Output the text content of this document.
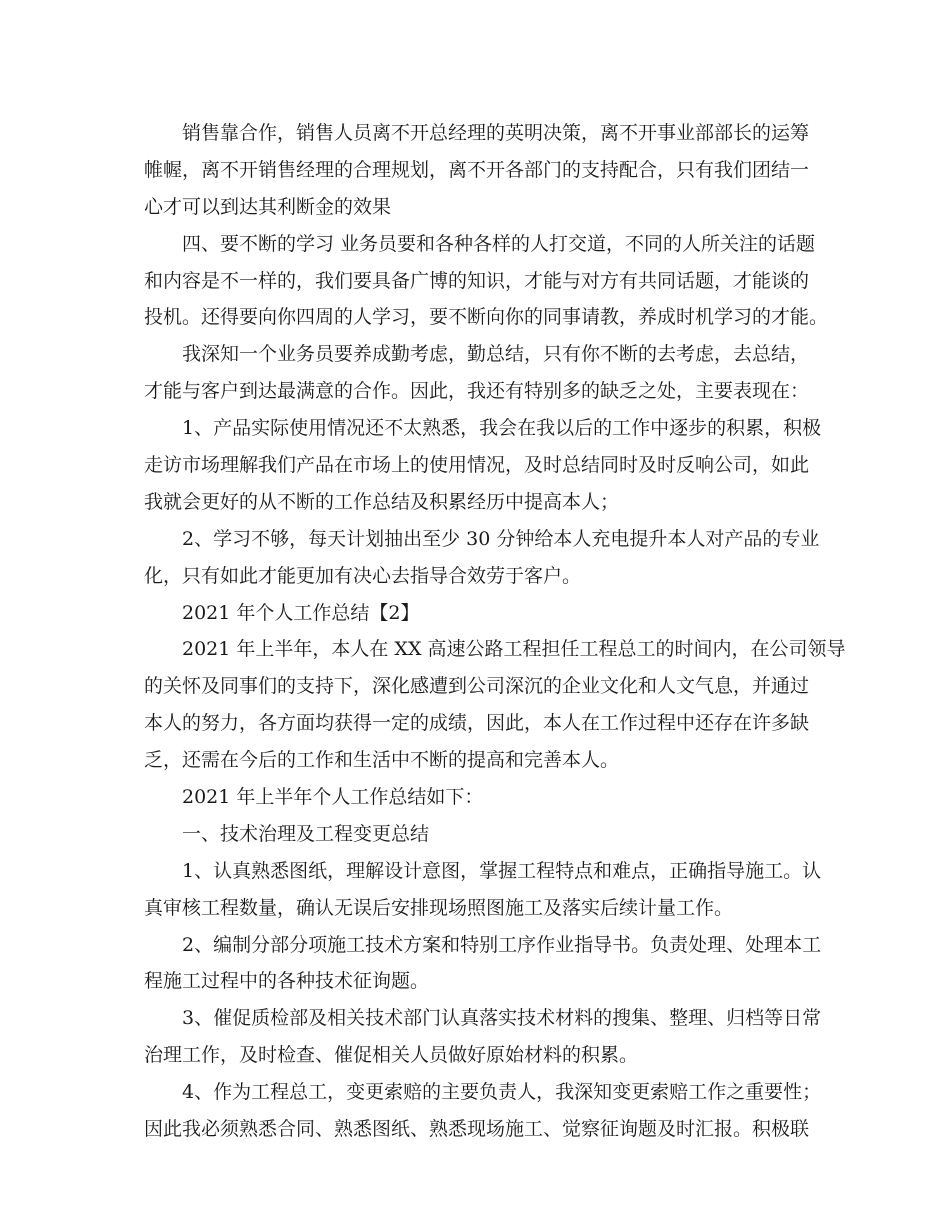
销售靠合作，销售人员离不开总经理的英明决策，离不开事业部部长的运筹
帷幄，离不开销售经理的合理规划，离不开各部门的支持配合，只有我们团结一
心才可以到达其利断金的效果
四、要不断的学习 业务员要和各种各样的人打交道，不同的人所关注的话题
和内容是不一样的，我们要具备广博的知识，才能与对方有共同话题，才能谈的
投机。还得要向你四周的人学习，要不断向你的同事请教，养成时机学习的才能。
我深知一个业务员要养成勤考虑，勤总结，只有你不断的去考虑，去总结，
才能与客户到达最满意的合作。因此，我还有特别多的缺乏之处，主要表现在：
1、产品实际使用情况还不太熟悉，我会在我以后的工作中逐步的积累，积极
走访市场理解我们产品在市场上的使用情况，及时总结同时及时反响公司，如此
我就会更好的从不断的工作总结及积累经历中提高本人；
2、学习不够，每天计划抽出至少 30 分钟给本人充电提升本人对产品的专业
化，只有如此才能更加有决心去指导合效劳于客户。
2021 年个人工作总结【2】
2021 年上半年，本人在 XX 高速公路工程担任工程总工的时间内，在公司领导
的关怀及同事们的支持下，深化感遭到公司深沉的企业文化和人文气息，并通过
本人的努力，各方面均获得一定的成绩，因此，本人在工作过程中还存在许多缺
乏，还需在今后的工作和生活中不断的提高和完善本人。
2021 年上半年个人工作总结如下：
一、技术治理及工程变更总结
1、认真熟悉图纸，理解设计意图，掌握工程特点和难点，正确指导施工。认
真审核工程数量，确认无误后安排现场照图施工及落实后续计量工作。
2、编制分部分项施工技术方案和特别工序作业指导书。负责处理、处理本工
程施工过程中的各种技术征询题。
3、催促质检部及相关技术部门认真落实技术材料的搜集、整理、归档等日常
治理工作，及时检查、催促相关人员做好原始材料的积累。
4、作为工程总工，变更索赔的主要负责人，我深知变更索赔工作之重要性；
因此我必须熟悉合同、熟悉图纸、熟悉现场施工、觉察征询题及时汇报。积极联
